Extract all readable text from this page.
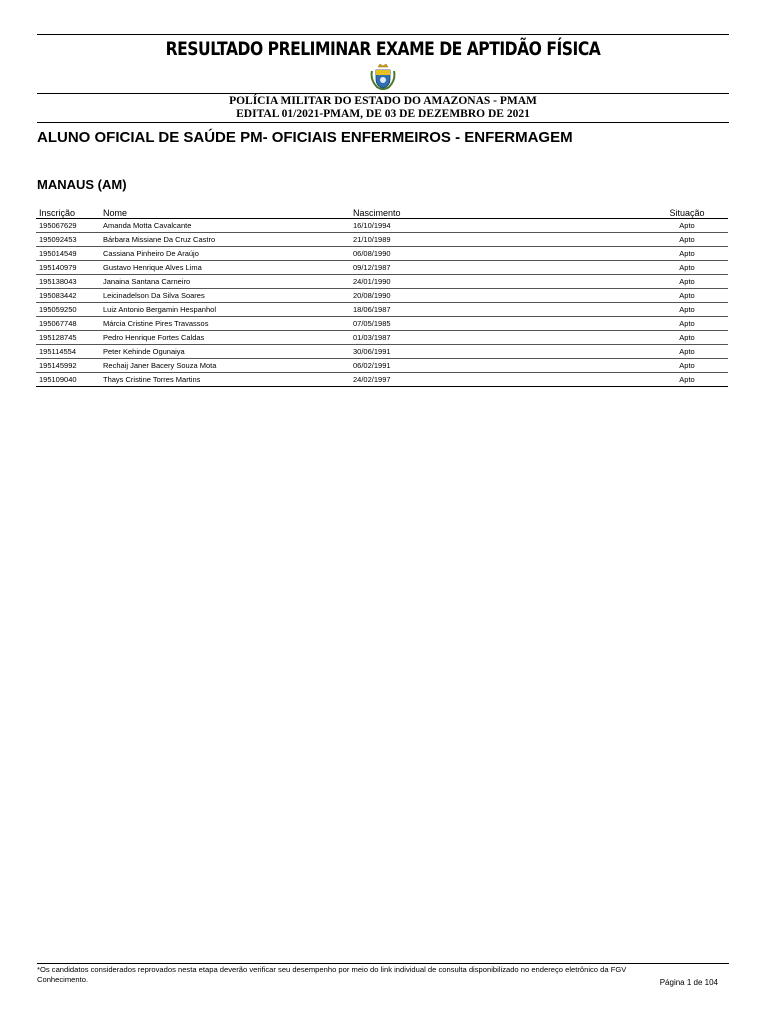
RESULTADO PRELIMINAR EXAME DE APTIDÃO FÍSICA
POLÍCIA MILITAR DO ESTADO DO AMAZONAS - PMAM
EDITAL 01/2021-PMAM, DE 03 DE DEZEMBRO DE 2021
ALUNO OFICIAL DE SAÚDE PM- OFICIAIS ENFERMEIROS - ENFERMAGEM
MANAUS (AM)
Inscrição	Nome	Nascimento	Situação
195067629	Amanda Motta Cavalcante	16/10/1994	Apto
195092453	Bárbara Missiane Da Cruz Castro	21/10/1989	Apto
195014549	Cassiana Pinheiro De Araújo	06/08/1990	Apto
195140979	Gustavo Henrique Alves Lima	09/12/1987	Apto
195138043	Janaina Santana Carneiro	24/01/1990	Apto
195083442	Leicinadelson Da Silva Soares	20/08/1990	Apto
195059250	Luiz Antonio Bergamin Hespanhol	18/06/1987	Apto
195067748	Márcia Cristine Pires Travassos	07/05/1985	Apto
195128745	Pedro Henrique Fortes Caldas	01/03/1987	Apto
195114554	Peter Kehinde Ogunaiya	30/06/1991	Apto
195145992	Rechaij Janer Bacery Souza Mota	06/02/1991	Apto
195109040	Thays Cristine Torres Martins	24/02/1997	Apto
*Os candidatos considerados reprovados nesta etapa deverão verificar seu desempenho por meio do link individual de consulta disponibilizado no endereço eletrônico da FGV Conhecimento.	Página 1 de 104
